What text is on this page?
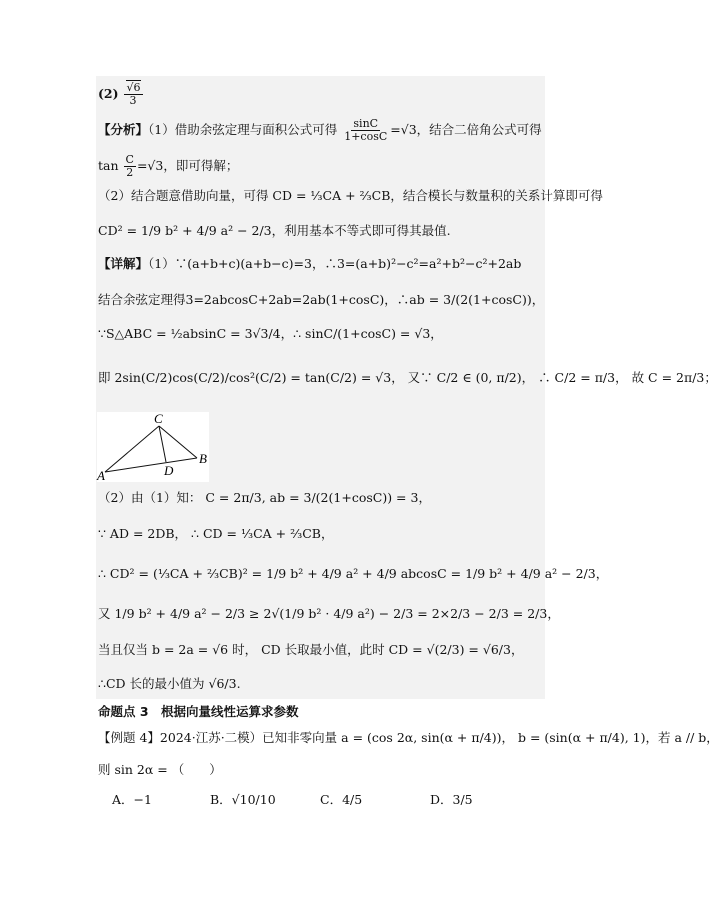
$(2) \frac{√6}{3}$
【分析】（1）借助余弦定理与面积公式可得 $\frac{\sin C}{1+\cos C} =√3$，结合二倍角公式可得
$\tan \frac{C}{2} =√3$，即可得解；
（2）结合题意借助向量，可得 CD = ⅓CA + ⅔CB，结合模长与数量积的关系计算即可得
CD² = 1/9 b² + 4/9 a² − 2/3，利用基本不等式即可得其最值.
【详解】（1）∵(a+b+c)(a+b−c)=3，∴3=(a+b)²−c²=a²+b²−c²+2ab
结合余弦定理得3=2abcosC+2ab=2ab(1+cosC)，∴ab = 3/(2(1+cosC))，
∵S△ABC = ½absinC = 3√3/4，∴ sinC/(1+cosC) = √3，
即 2sin(C/2)cos(C/2)/cos²(C/2) = tan(C/2) = √3， 又∵ C/2 ∈ (0, π/2)， ∴ C/2 = π/3， 故 C = 2π/3；
C
A	D
B
（2）由（1）知： C = 2π/3, ab = 3/(2(1+cosC)) = 3，
∵ AD = 2DB， ∴ CD = ⅓CA + ⅔CB，
∴ CD² = (⅓CA + ⅔CB)² = 1/9 b² + 4/9 a² + 4/9 abcosC = 1/9 b² + 4/9 a² − 2/3，
又 1/9 b² + 4/9 a² − 2/3 ≥ 2√(1/9 b² · 4/9 a²) − 2/3 = 2×2/3 − 2/3 = 2/3，
当且仅当 b = 2a = √6 时， CD 长取最小值，此时 CD = √(2/3) = √6/3，
∴CD 长的最小值为 √6/3.
命题点 3　根据向量线性运算求参数
【例题 4】2024·江苏·二模）已知非零向量 a = (cos 2α, sin(α + π/4))， b = (sin(α + π/4), 1)，若 a // b，
则 sin 2α = （　　）
A．−1	B．√10/10	C．4/5	D．3/5
